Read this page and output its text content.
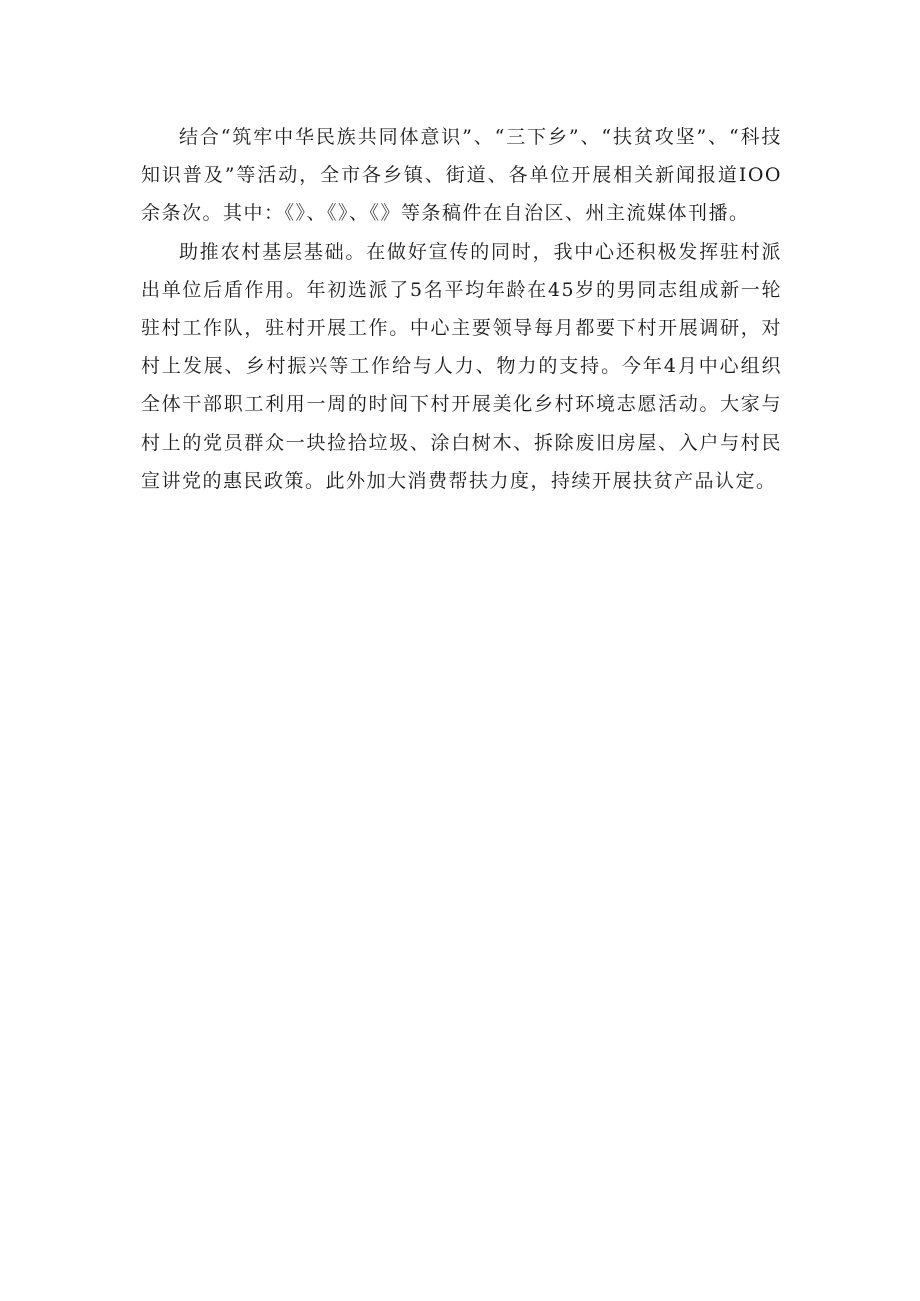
结合“筑牢中华民族共同体意识”、“三下乡”、“扶贫攻坚”、“科技知识普及”等活动，全市各乡镇、街道、各单位开展相关新闻报道IOO余条次。其中：《》、《》、《》等条稿件在自治区、州主流媒体刊播。

助推农村基层基础。在做好宣传的同时，我中心还积极发挥驻村派出单位后盾作用。年初选派了5名平均年龄在45岁的男同志组成新一轮驻村工作队，驻村开展工作。中心主要领导每月都要下村开展调研，对村上发展、乡村振兴等工作给与人力、物力的支持。今年4月中心组织全体干部职工利用一周的时间下村开展美化乡村环境志愿活动。大家与村上的党员群众一块捡拾垃圾、涂白树木、拆除废旧房屋、入户与村民宣讲党的惠民政策。此外加大消费帮扶力度，持续开展扶贫产品认定。
